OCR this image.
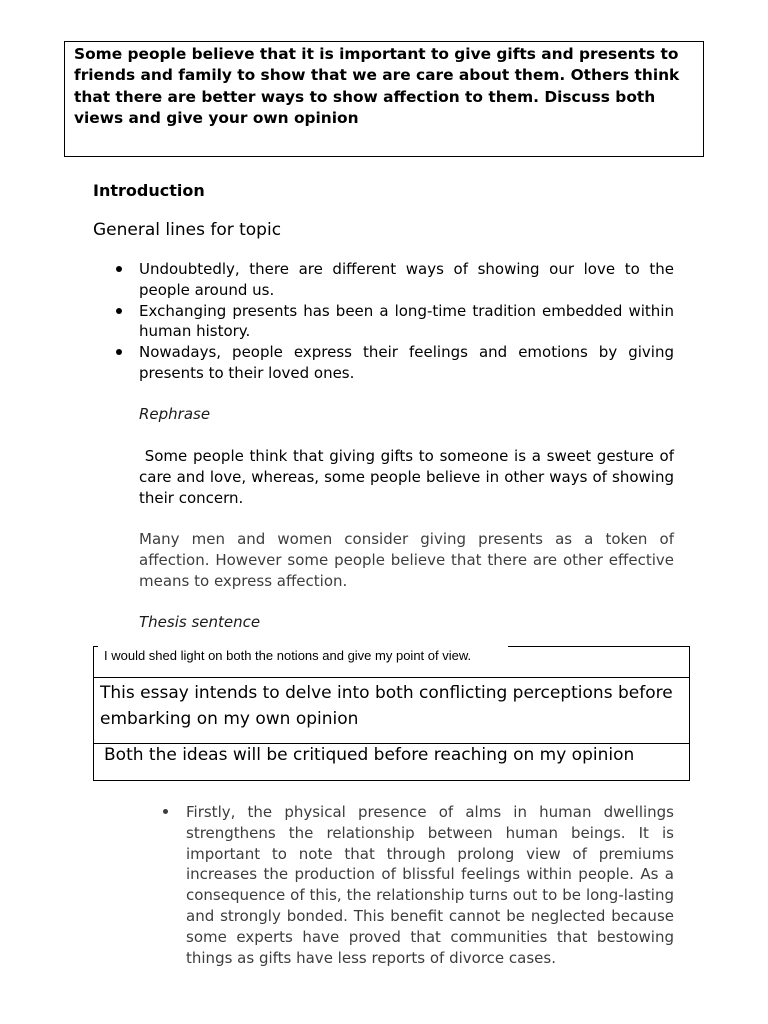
Some people believe that it is important to give gifts and presents to friends and family to show that we are care about them. Others think that there are better ways to show affection to them. Discuss both views and give your own opinion
Introduction
General lines for topic
Undoubtedly, there are different ways of showing our love to the people around us.
Exchanging presents has been a long-time tradition embedded within human history.
Nowadays, people express their feelings and emotions by giving presents to their loved ones.
Rephrase

Some people think that giving gifts to someone is a sweet gesture of care and love, whereas, some people believe in other ways of showing their concern.

Many men and women consider giving presents as a token of affection. However some people believe that there are other effective means to express affection.

Thesis sentence
I would shed light on both the notions and give my point of view.
This essay intends to delve into both conflicting perceptions before embarking on my own opinion
Both the ideas will be critiqued before reaching on my opinion
Firstly, the physical presence of alms in human dwellings strengthens the relationship between human beings. It is important to note that through prolong view of premiums increases the production of blissful feelings within people. As a consequence of this, the relationship turns out to be long-lasting and strongly bonded. This benefit cannot be neglected because some experts have proved that communities that bestowing things as gifts have less reports of divorce cases.
